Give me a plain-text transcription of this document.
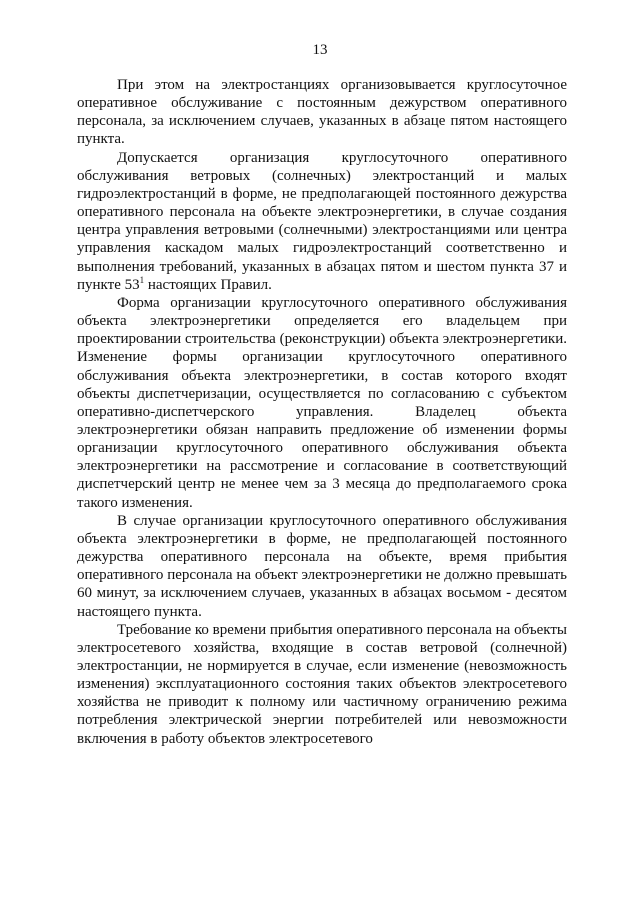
13

При этом на электростанциях организовывается круглосуточное оперативное обслуживание с постоянным дежурством оперативного персонала, за исключением случаев, указанных в абзаце пятом настоящего пункта.

Допускается организация круглосуточного оперативного обслуживания ветровых (солнечных) электростанций и малых гидроэлектростанций в форме, не предполагающей постоянного дежурства оперативного персонала на объекте электроэнергетики, в случае создания центра управления ветровыми (солнечными) электростанциями или центра управления каскадом малых гидроэлектростанций соответственно и выполнения требований, указанных в абзацах пятом и шестом пункта 37 и пункте $53^1$ настоящих Правил.

Форма организации круглосуточного оперативного обслуживания объекта электроэнергетики определяется его владельцем при проектировании строительства (реконструкции) объекта электроэнергетики. Изменение формы организации круглосуточного оперативного обслуживания объекта электроэнергетики, в состав которого входят объекты диспетчеризации, осуществляется по согласованию с субъектом оперативно-диспетчерского управления. Владелец объекта электроэнергетики обязан направить предложение об изменении формы организации круглосуточного оперативного обслуживания объекта электроэнергетики на рассмотрение и согласование в соответствующий диспетчерский центр не менее чем за 3 месяца до предполагаемого срока такого изменения.

В случае организации круглосуточного оперативного обслуживания объекта электроэнергетики в форме, не предполагающей постоянного дежурства оперативного персонала на объекте, время прибытия оперативного персонала на объект электроэнергетики не должно превышать 60 минут, за исключением случаев, указанных в абзацах восьмом - десятом настоящего пункта.

Требование ко времени прибытия оперативного персонала на объекты электросетевого хозяйства, входящие в состав ветровой (солнечной) электростанции, не нормируется в случае, если изменение (невозможность изменения) эксплуатационного состояния таких объектов электросетевого хозяйства не приводит к полному или частичному ограничению режима потребления электрической энергии потребителей или невозможности включения в работу объектов электросетевого
